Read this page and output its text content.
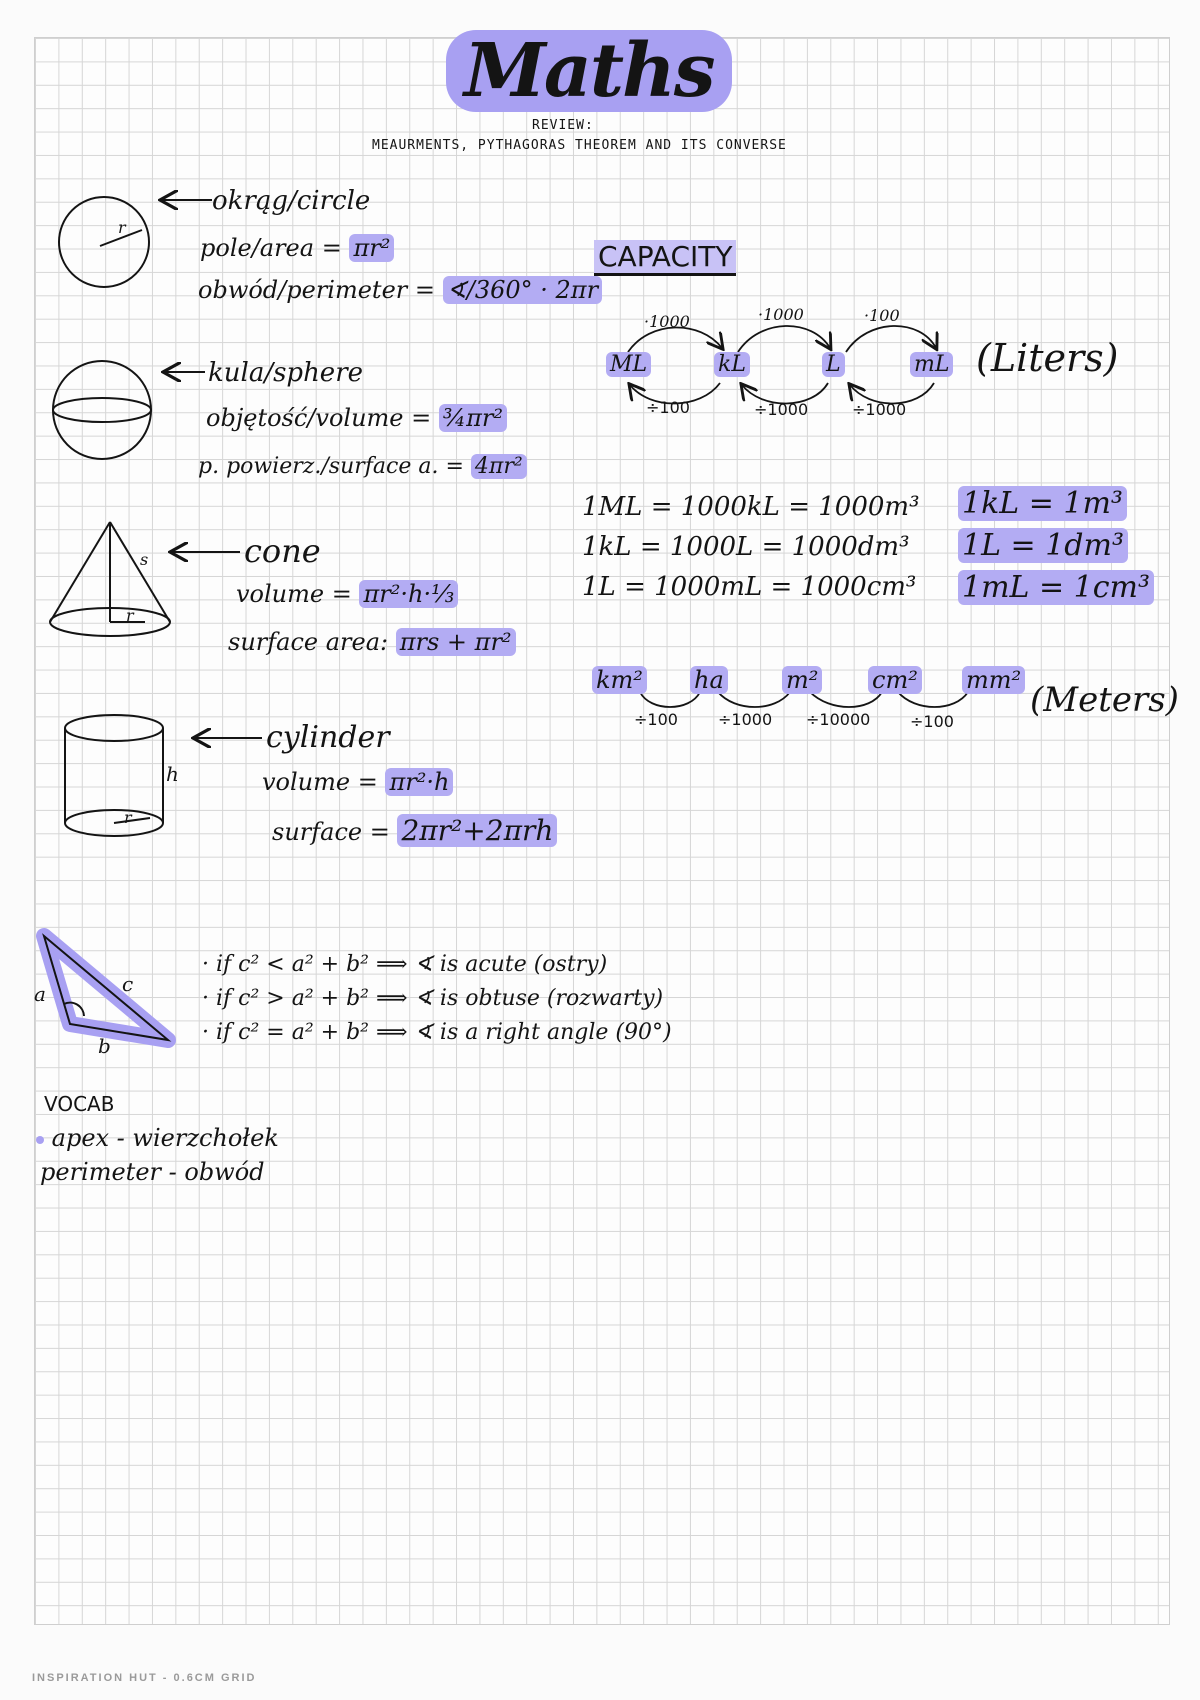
Maths
REVIEW:
MEAURMENTS, PYTHAGORAS THEOREM AND ITS CONVERSE
r
okrąg/circle
pole/area = πr²
obwód/perimeter = ∢/360° · 2πr
kula/sphere
objętość/volume = ¾πr²
p. powierz./surface a. = 4πr²
s
r
cone
volume = πr²·h·⅓
surface area: πrs + πr²
h
r
cylinder
volume = πr²·h
surface = 2πr²+2πrh
CAPACITY
·1000	·1000	·100
ML	kL	L	mL (Liters)
÷100	÷1000	÷1000
1ML = 1000kL = 1000m³
1kL = 1000L = 1000dm³
1L = 1000mL = 1000cm³
1kL = 1m³
1L = 1dm³
1mL = 1cm³
km² ha	m² cm² mm² (Meters)
÷100	÷1000 ÷10000 ÷100
a
b
c
· if c² < a² + b² ⟹ ∢ is acute (ostry)
· if c² > a² + b² ⟹ ∢ is obtuse (rozwarty)
· if c² = a² + b² ⟹ ∢ is a right angle (90°)
VOCAB
apex - wierzchołek
perimeter - obwód
INSPIRATION HUT - 0.6CM GRID
